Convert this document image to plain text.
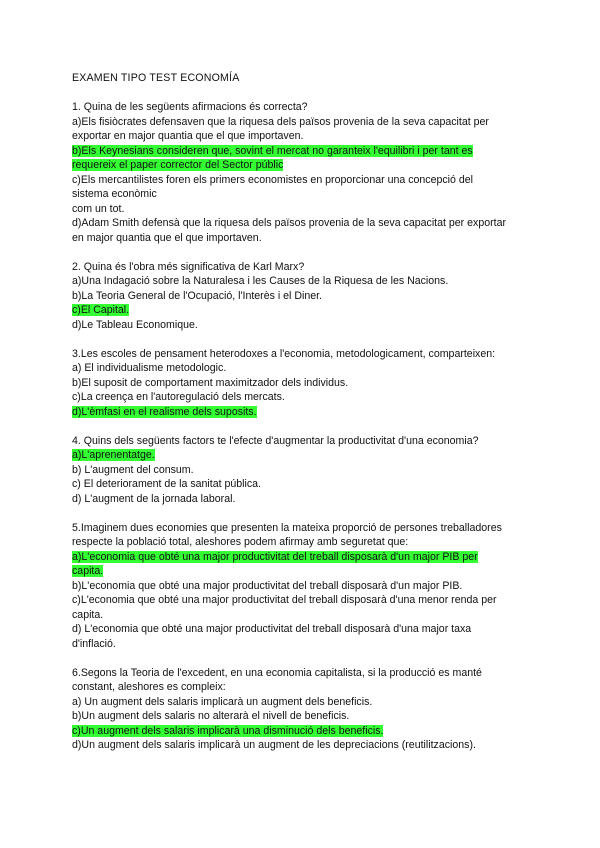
EXAMEN TIPO TEST ECONOMÍA

1. Quina de les següents afirmacions és correcta?

a)Els fisiòcrates defensaven que la riquesa dels països provenia de la seva capacitat per
exportar en major quantia que el que importaven.
b)Els Keynesians consideren que, sovint el mercat no garanteix l'equilibri i per tant es
requereix el paper corrector del Sector públic
c)Els mercantilistes foren els primers economistes en proporcionar una concepció del
sistema econòmic
com un tot.
d)Adam Smith defensà que la riquesa dels països provenia de la seva capacitat per exportar
en major quantia que el que importaven.

2. Quina és l'obra més significativa de Karl Marx?

a)Una Indagació sobre la Naturalesa i les Causes de la Riquesa de les Nacions.
b)La Teoria General de l'Ocupació, l'Interès i el Diner.
c)El Capital.
d)Le Tableau Economique.

3.Les escoles de pensament heterodoxes a l'economia, metodologicament, comparteixen:

a) El individualisme metodologic.
b)El suposit de comportament maximitzador dels individus.
c)La creença en l'autoregulació dels mercats.
d)L'èmfasi en el realisme dels suposits.

4. Quins dels següents factors te l'efecte d'augmentar la productivitat d'una economia?

a)L'aprenentatge.
b) L'augment del consum.
c) El deteriorament de la sanitat pública.
d) L'augment de la jornada laboral.

5.Imaginem dues economies que presenten la mateixa proporció de persones treballadores

respecte la població total, aleshores podem afirmay amb seguretat que:

a)L'economia que obté una major productivitat del treball disposarà d'un major PIB per
capita.
b)L'economia que obté una major productivitat del treball disposarà d'un major PIB.
c)L'economia que obté una major productivitat del treball disposarà d'una menor renda per
capita.
d) L'economia que obté una major productivitat del treball disposarà d'una major taxa
d'inflació.

6.Segons la Teoria de l'excedent, en una economia capitalista, si la producció es manté

constant, aleshores es compleix:

a) Un augment dels salaris implicarà un augment dels beneficis.
b)Un augment dels salaris no alterarà el nivell de beneficis.
c)Un augment dels salaris implicarà una disminució dels beneficis.
d)Un augment dels salaris implicarà un augment de les depreciacions (reutilitzacions).
